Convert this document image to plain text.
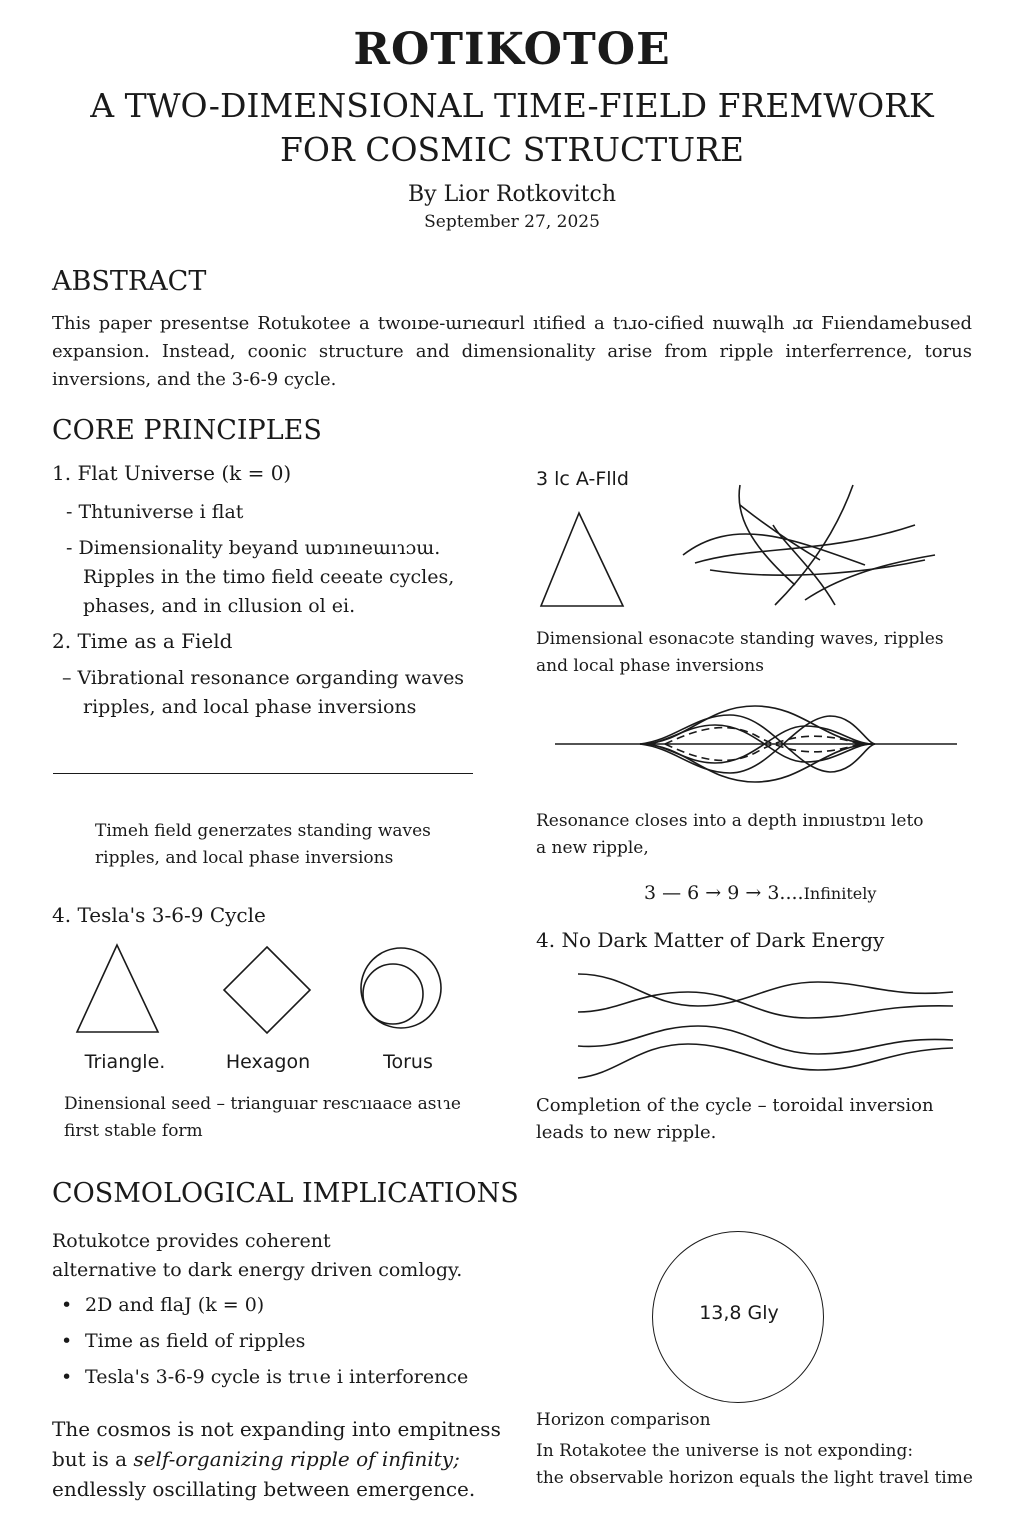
ROTIKOTOE
A TWO-DIMENSIONAL TIME-FIELD FREMWORK
FOR COSMIC STRUCTURE
By Lior Rotkovitch
September 27, 2025
ABSTRACT
This paper presentse Rotukotee a twoıɒe-ɯrıeɑurl ıtified a tɿɹo-cified nɯwąlh ɹɑ Fıiendamebused expansion. Instead, coonic structure and dimensionality arise from ripple interferrence, torus inversions, and the 3-6-9 cycle.
CORE PRINCIPLES
1. Flat Universe (k = 0)
- Thtuniverse i flat
- Dimensionality beyand ɯɒɿıneɯıɿɔɯ.
Ripples in the timo field ceeate cycles,
phases, and in cllusion ol ei.
2. Time as a Field
– Vibrational resonance ɷrganding waves
ripples, and local phase inversions
Timeh field generzates standing waves
ripples, and local phase inversions
4. Tesla's 3-6-9 Cycle
Triangle.	Hexagon	Torus
Dinensional seed – trianguıar rescɿıaace asɩɿe
first stable form
3 lc A-Flld
Dimensional esonacɔte standing waves, ripples
and local phase inversions
Resonance closes into a depth inɒıustɒɿı leto
a new ripple,
3 — 6 → 9 → 3....Infinitely
4. No Dark Matter of Dark Energy
Completion of the cycle – toroidal inversion
leads to new ripple.
COSMOLOGICAL IMPLICATIONS
Rotukotce provides coherent
alternative to dark energy driven comlogy.
• 2D and flaJ (k = 0)
• Time as field of ripples
• Tesla's 3-6-9 cycle is trɩɩe i interforence
The cosmos is not expanding into empitness
but is a self-organizing ripple of infinity;
endlessly oscillating between emergence.
13,8 Gly
Horizon comparison
In Rotakotee the universe is not exponding:
the observable horizon equals the light travel time
